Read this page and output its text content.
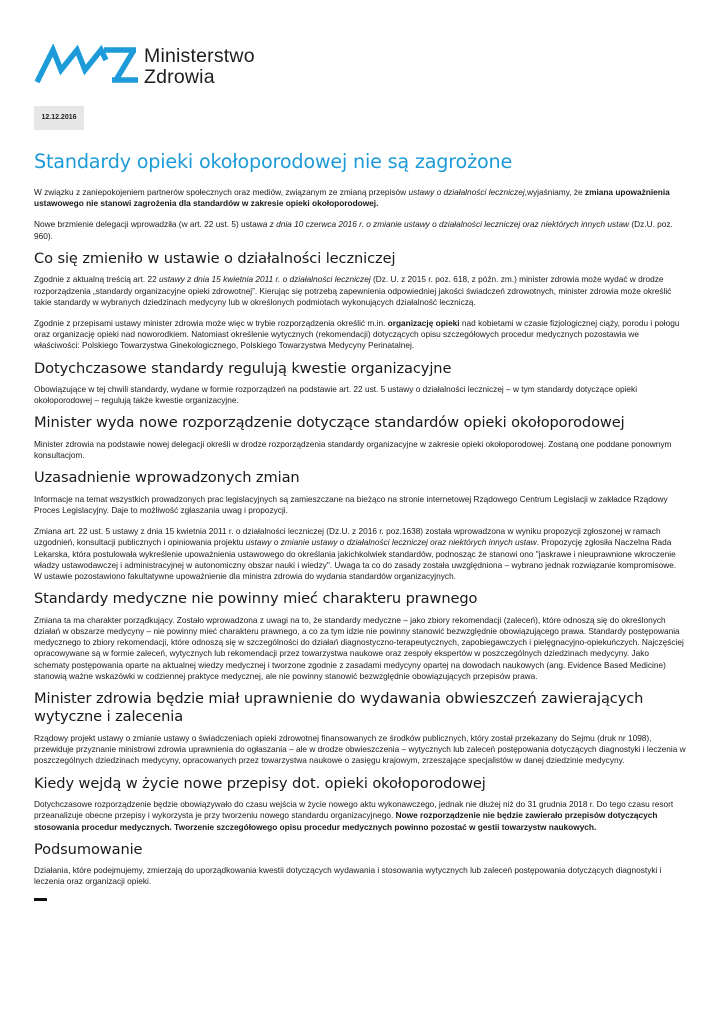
Ministerstwo
Zdrowia
12.12.2016
Standardy opieki okołoporodowej nie są zagrożone

W związku z zaniepokojeniem partnerów społecznych oraz mediów, związanym ze zmianą przepisów ustawy o działalności leczniczej,wyjaśniamy, że zmiana upoważnienia ustawowego nie stanowi zagrożenia dla standardów w zakresie opieki okołoporodowej.

Nowe brzmienie delegacji wprowadziła (w art. 22 ust. 5) ustawa z dnia 10 czerwca 2016 r. o zmianie ustawy o działalności leczniczej oraz niektórych innych ustaw (Dz.U. poz. 960).

Co się zmieniło w ustawie o działalności leczniczej

Zgodnie z aktualną treścią art. 22 ustawy z dnia 15 kwietnia 2011 r. o działalności leczniczej (Dz. U. z 2015 r. poz. 618, z późn. zm.) minister zdrowia może wydać w drodze rozporządzenia „standardy organizacyjne opieki zdrowotnej”. Kierując się potrzebą zapewnienia odpowiedniej jakości świadczeń zdrowotnych, minister zdrowia może określić takie standardy w wybranych dziedzinach medycyny lub w określonych podmiotach wykonujących działalność leczniczą.

Zgodnie z przepisami ustawy minister zdrowia może więc w trybie rozporządzenia określić m.in. organizację opieki nad kobietami w czasie fizjologicznej ciąży, porodu i połogu oraz organizację opieki nad noworodkiem. Natomiast określenie wytycznych (rekomendacji) dotyczących opisu szczegółowych procedur medycznych pozostawia we właściwości: Polskiego Towarzystwa Ginekologicznego, Polskiego Towarzystwa Medycyny Perinatalnej.

Dotychczasowe standardy regulują kwestie organizacyjne

Obowiązujące w tej chwili standardy, wydane w formie rozporządzeń na podstawie art. 22 ust. 5 ustawy o działalności leczniczej – w tym standardy dotyczące opieki okołoporodowej – regulują także kwestie organizacyjne.

Minister wyda nowe rozporządzenie dotyczące standardów opieki okołoporodowej

Minister zdrowia na podstawie nowej delegacji określi w drodze rozporządzenia standardy organizacyjne w zakresie opieki okołoporodowej. Zostaną one poddane ponownym konsultacjom.

Uzasadnienie wprowadzonych zmian

Informacje na temat wszystkich prowadzonych prac legislacyjnych są zamieszczane na bieżąco na stronie internetowej Rządowego Centrum Legislacji w zakładce Rządowy Proces Legislacyjny. Daje to możliwość zgłaszania uwag i propozycji.

Zmiana art. 22 ust. 5 ustawy z dnia 15 kwietnia 2011 r. o działalności leczniczej (Dz.U. z 2016 r. poz.1638) została wprowadzona w wyniku propozycji zgłoszonej w ramach uzgodnień, konsultacji publicznych i opiniowania projektu ustawy o zmianie ustawy o działalności leczniczej oraz niektórych innych ustaw. Propozycję zgłosiła Naczelna Rada Lekarska, która postulowała wykreślenie upoważnienia ustawowego do określania jakichkolwiek standardów, podnosząc że stanowi ono "jaskrawe i nieuprawnione wkroczenie władzy ustawodawczej i administracyjnej w autonomiczny obszar nauki i wiedzy". Uwaga ta co do zasady została uwzględniona – wybrano jednak rozwiązanie kompromisowe. W ustawie pozostawiono fakultatywne upoważnienie dla ministra zdrowia do wydania standardów organizacyjnych.

Standardy medyczne nie powinny mieć charakteru prawnego

Zmiana ta ma charakter porządkujący. Zostało wprowadzona z uwagi na to, że standardy medyczne – jako zbiory rekomendacji (zaleceń), które odnoszą się do określonych działań w obszarze medycyny – nie powinny mieć charakteru prawnego, a co za tym idzie nie powinny stanowić bezwzględnie obowiązującego prawa. Standardy postępowania medycznego to zbiory rekomendacji, które odnoszą się w szczególności do działań diagnostyczno-terapeutycznych, zapobiegawczych i pielęgnacyjno-opiekuńczych. Najczęściej opracowywane są w formie zaleceń, wytycznych lub rekomendacji przez towarzystwa naukowe oraz zespoły ekspertów w poszczególnych dziedzinach medycyny. Jako schematy postępowania oparte na aktualnej wiedzy medycznej i tworzone zgodnie z zasadami medycyny opartej na dowodach naukowych (ang. Evidence Based Medicine) stanowią ważne wskazówki w codziennej praktyce medycznej, ale nie powinny stanowić bezwzględnie obowiązujących przepisów prawa.

Minister zdrowia będzie miał uprawnienie do wydawania obwieszczeń zawierających wytyczne i zalecenia

Rządowy projekt ustawy o zmianie ustawy o świadczeniach opieki zdrowotnej finansowanych ze środków publicznych, który został przekazany do Sejmu (druk nr 1098), przewiduje przyznanie ministrowi zdrowia uprawnienia do ogłaszania – ale w drodze obwieszczenia – wytycznych lub zaleceń postępowania dotyczących diagnostyki i leczenia w poszczególnych dziedzinach medycyny, opracowanych przez towarzystwa naukowe o zasięgu krajowym, zrzeszające specjalistów w danej dziedzinie medycyny.

Kiedy wejdą w życie nowe przepisy dot. opieki okołoporodowej

Dotychczasowe rozporządzenie będzie obowiązywało do czasu wejścia w życie nowego aktu wykonawczego, jednak nie dłużej niż do 31 grudnia 2018 r. Do tego czasu resort przeanalizuje obecne przepisy i wykorzysta je przy tworzeniu nowego standardu organizacyjnego. Nowe rozporządzenie nie będzie zawierało przepisów dotyczących stosowania procedur medycznych. Tworzenie szczegółowego opisu procedur medycznych powinno pozostać w gestii towarzystw naukowych.

Podsumowanie

Działania, które podejmujemy, zmierzają do uporządkowania kwestii dotyczących wydawania i stosowania wytycznych lub zaleceń postępowania dotyczących diagnostyki i leczenia oraz organizacji opieki.
